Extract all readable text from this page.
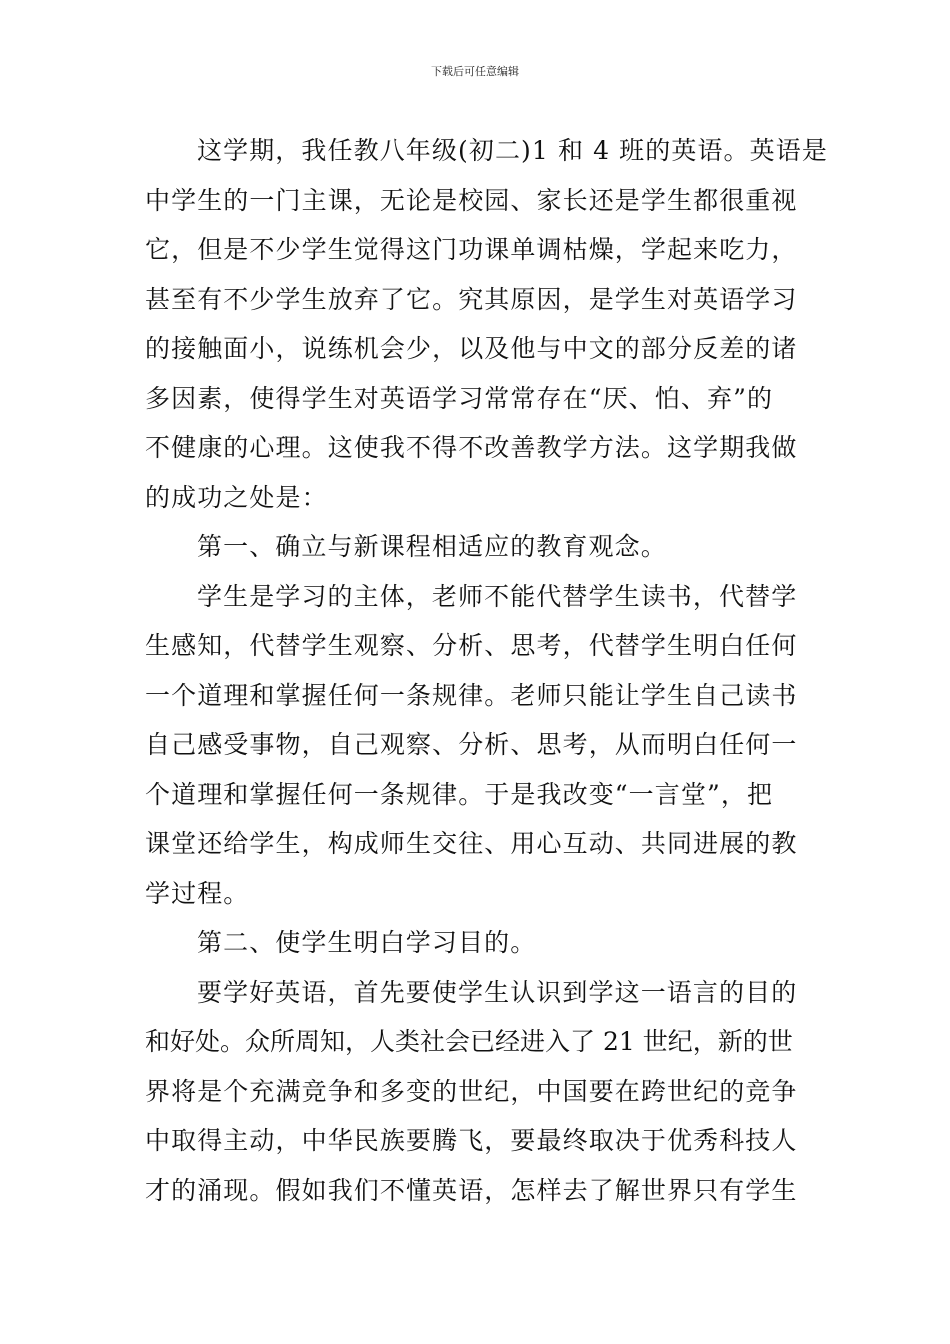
下载后可任意编辑
这学期，我任教八年级(初二)1 和 4 班的英语。英语是
中学生的一门主课，无论是校园、家长还是学生都很重视
它，但是不少学生觉得这门功课单调枯燥，学起来吃力，
甚至有不少学生放弃了它。究其原因，是学生对英语学习
的接触面小，说练机会少，以及他与中文的部分反差的诸
多因素，使得学生对英语学习常常存在“厌、怕、弃”的
不健康的心理。这使我不得不改善教学方法。这学期我做
的成功之处是：
第一、确立与新课程相适应的教育观念。
学生是学习的主体，老师不能代替学生读书，代替学
生感知，代替学生观察、分析、思考，代替学生明白任何
一个道理和掌握任何一条规律。老师只能让学生自己读书
自己感受事物，自己观察、分析、思考，从而明白任何一
个道理和掌握任何一条规律。于是我改变“一言堂”，把
课堂还给学生，构成师生交往、用心互动、共同进展的教
学过程。
第二、使学生明白学习目的。
要学好英语，首先要使学生认识到学这一语言的目的
和好处。众所周知，人类社会已经进入了 21 世纪，新的世
界将是个充满竞争和多变的世纪，中国要在跨世纪的竞争
中取得主动，中华民族要腾飞，要最终取决于优秀科技人
才的涌现。假如我们不懂英语，怎样去了解世界只有学生
